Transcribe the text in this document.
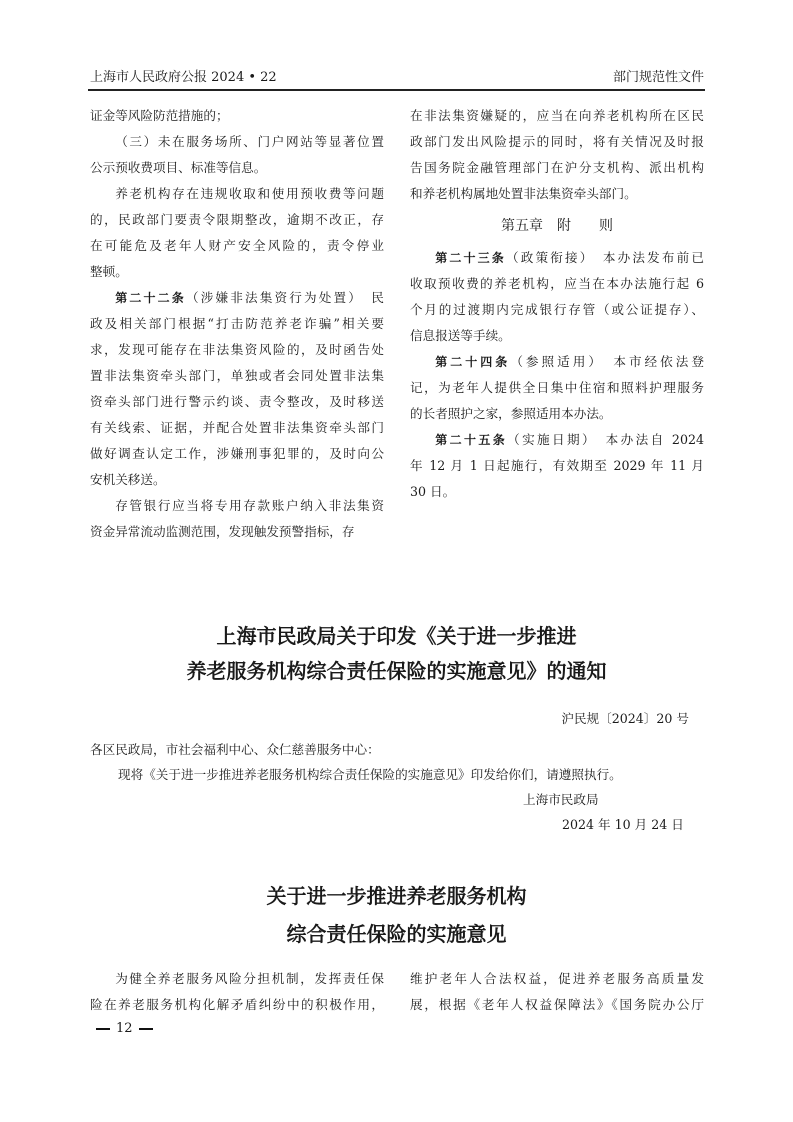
上海市人民政府公报 2024 • 22	部门规范性文件
证金等风险防范措施的；
（三）未在服务场所、门户网站等显著位置
公示预收费项目、标准等信息。
养老机构存在违规收取和使用预收费等问题
的，民政部门要责令限期整改，逾期不改正，存
在可能危及老年人财产安全风险的，责令停业
整顿。
第二十二条（涉嫌非法集资行为处置）　民
政及相关部门根据“打击防范养老诈骗”相关要
求，发现可能存在非法集资风险的，及时函告处
置非法集资牵头部门，单独或者会同处置非法集
资牵头部门进行警示约谈、责令整改，及时移送
有关线索、证据，并配合处置非法集资牵头部门
做好调查认定工作，涉嫌刑事犯罪的，及时向公
安机关移送。
存管银行应当将专用存款账户纳入非法集资
资金异常流动监测范围，发现触发预警指标，存
在非法集资嫌疑的，应当在向养老机构所在区民
政部门发出风险提示的同时，将有关情况及时报
告国务院金融管理部门在沪分支机构、派出机构
和养老机构属地处置非法集资牵头部门。
第五章　附　　则
第二十三条（政策衔接）　本办法发布前已
收取预收费的养老机构，应当在本办法施行起 6
个月的过渡期内完成银行存管（或公证提存）、
信息报送等手续。
第二十四条（参照适用）　本市经依法登
记，为老年人提供全日集中住宿和照料护理服务
的长者照护之家，参照适用本办法。
第二十五条（实施日期）　本办法自 2024
年 12 月 1 日起施行，有效期至 2029 年 11 月
30 日。
上海市民政局关于印发《关于进一步推进
养老服务机构综合责任保险的实施意见》的通知
沪民规〔2024〕20 号
各区民政局，市社会福利中心、众仁慈善服务中心：
现将《关于进一步推进养老服务机构综合责任保险的实施意见》印发给你们，请遵照执行。
上海市民政局
2024 年 10 月 24 日
关于进一步推进养老服务机构
综合责任保险的实施意见
为健全养老服务风险分担机制，发挥责任保
险在养老服务机构化解矛盾纠纷中的积极作用，
维护老年人合法权益，促进养老服务高质量发
展，根据《老年人权益保障法》《国务院办公厅
12
